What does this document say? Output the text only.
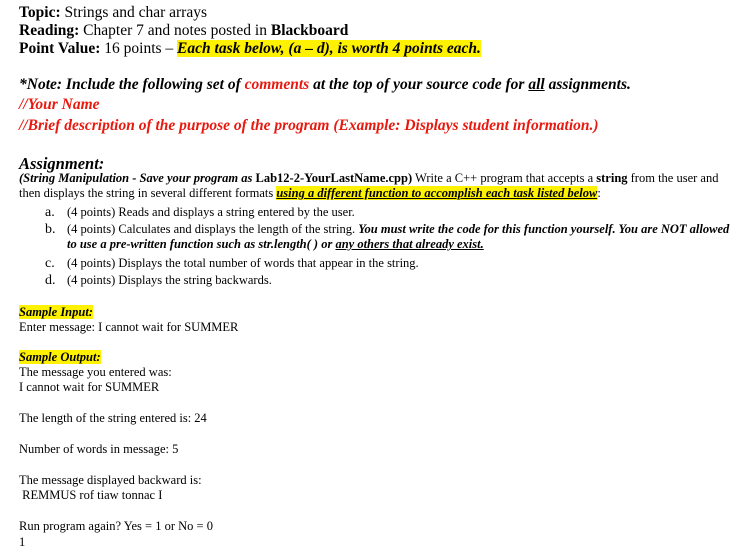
Topic: Strings and char arrays
Reading: Chapter 7 and notes posted in Blackboard
Point Value: 16 points – Each task below, (a – d), is worth 4 points each.
*Note: Include the following set of comments at the top of your source code for all assignments.
//Your Name
//Brief description of the purpose of the program (Example: Displays student information.)
Assignment:
(String Manipulation - Save your program as Lab12-2-YourLastName.cpp) Write a C++ program that accepts a string from the user and then displays the string in several different formats using a different function to accomplish each task listed below:
a. (4 points) Reads and displays a string entered by the user.
b. (4 points) Calculates and displays the length of the string. You must write the code for this function yourself. You are NOT allowed to use a pre-written function such as str.length( ) or any others that already exist.
c. (4 points) Displays the total number of words that appear in the string.
d. (4 points) Displays the string backwards.
Sample Input:
Enter message: I cannot wait for SUMMER
Sample Output:
The message you entered was:
I cannot wait for SUMMER
The length of the string entered is: 24
Number of words in message: 5
The message displayed backward is:
REMMUS rof tiaw tonnac I
Run program again? Yes = 1 or No = 0
1
